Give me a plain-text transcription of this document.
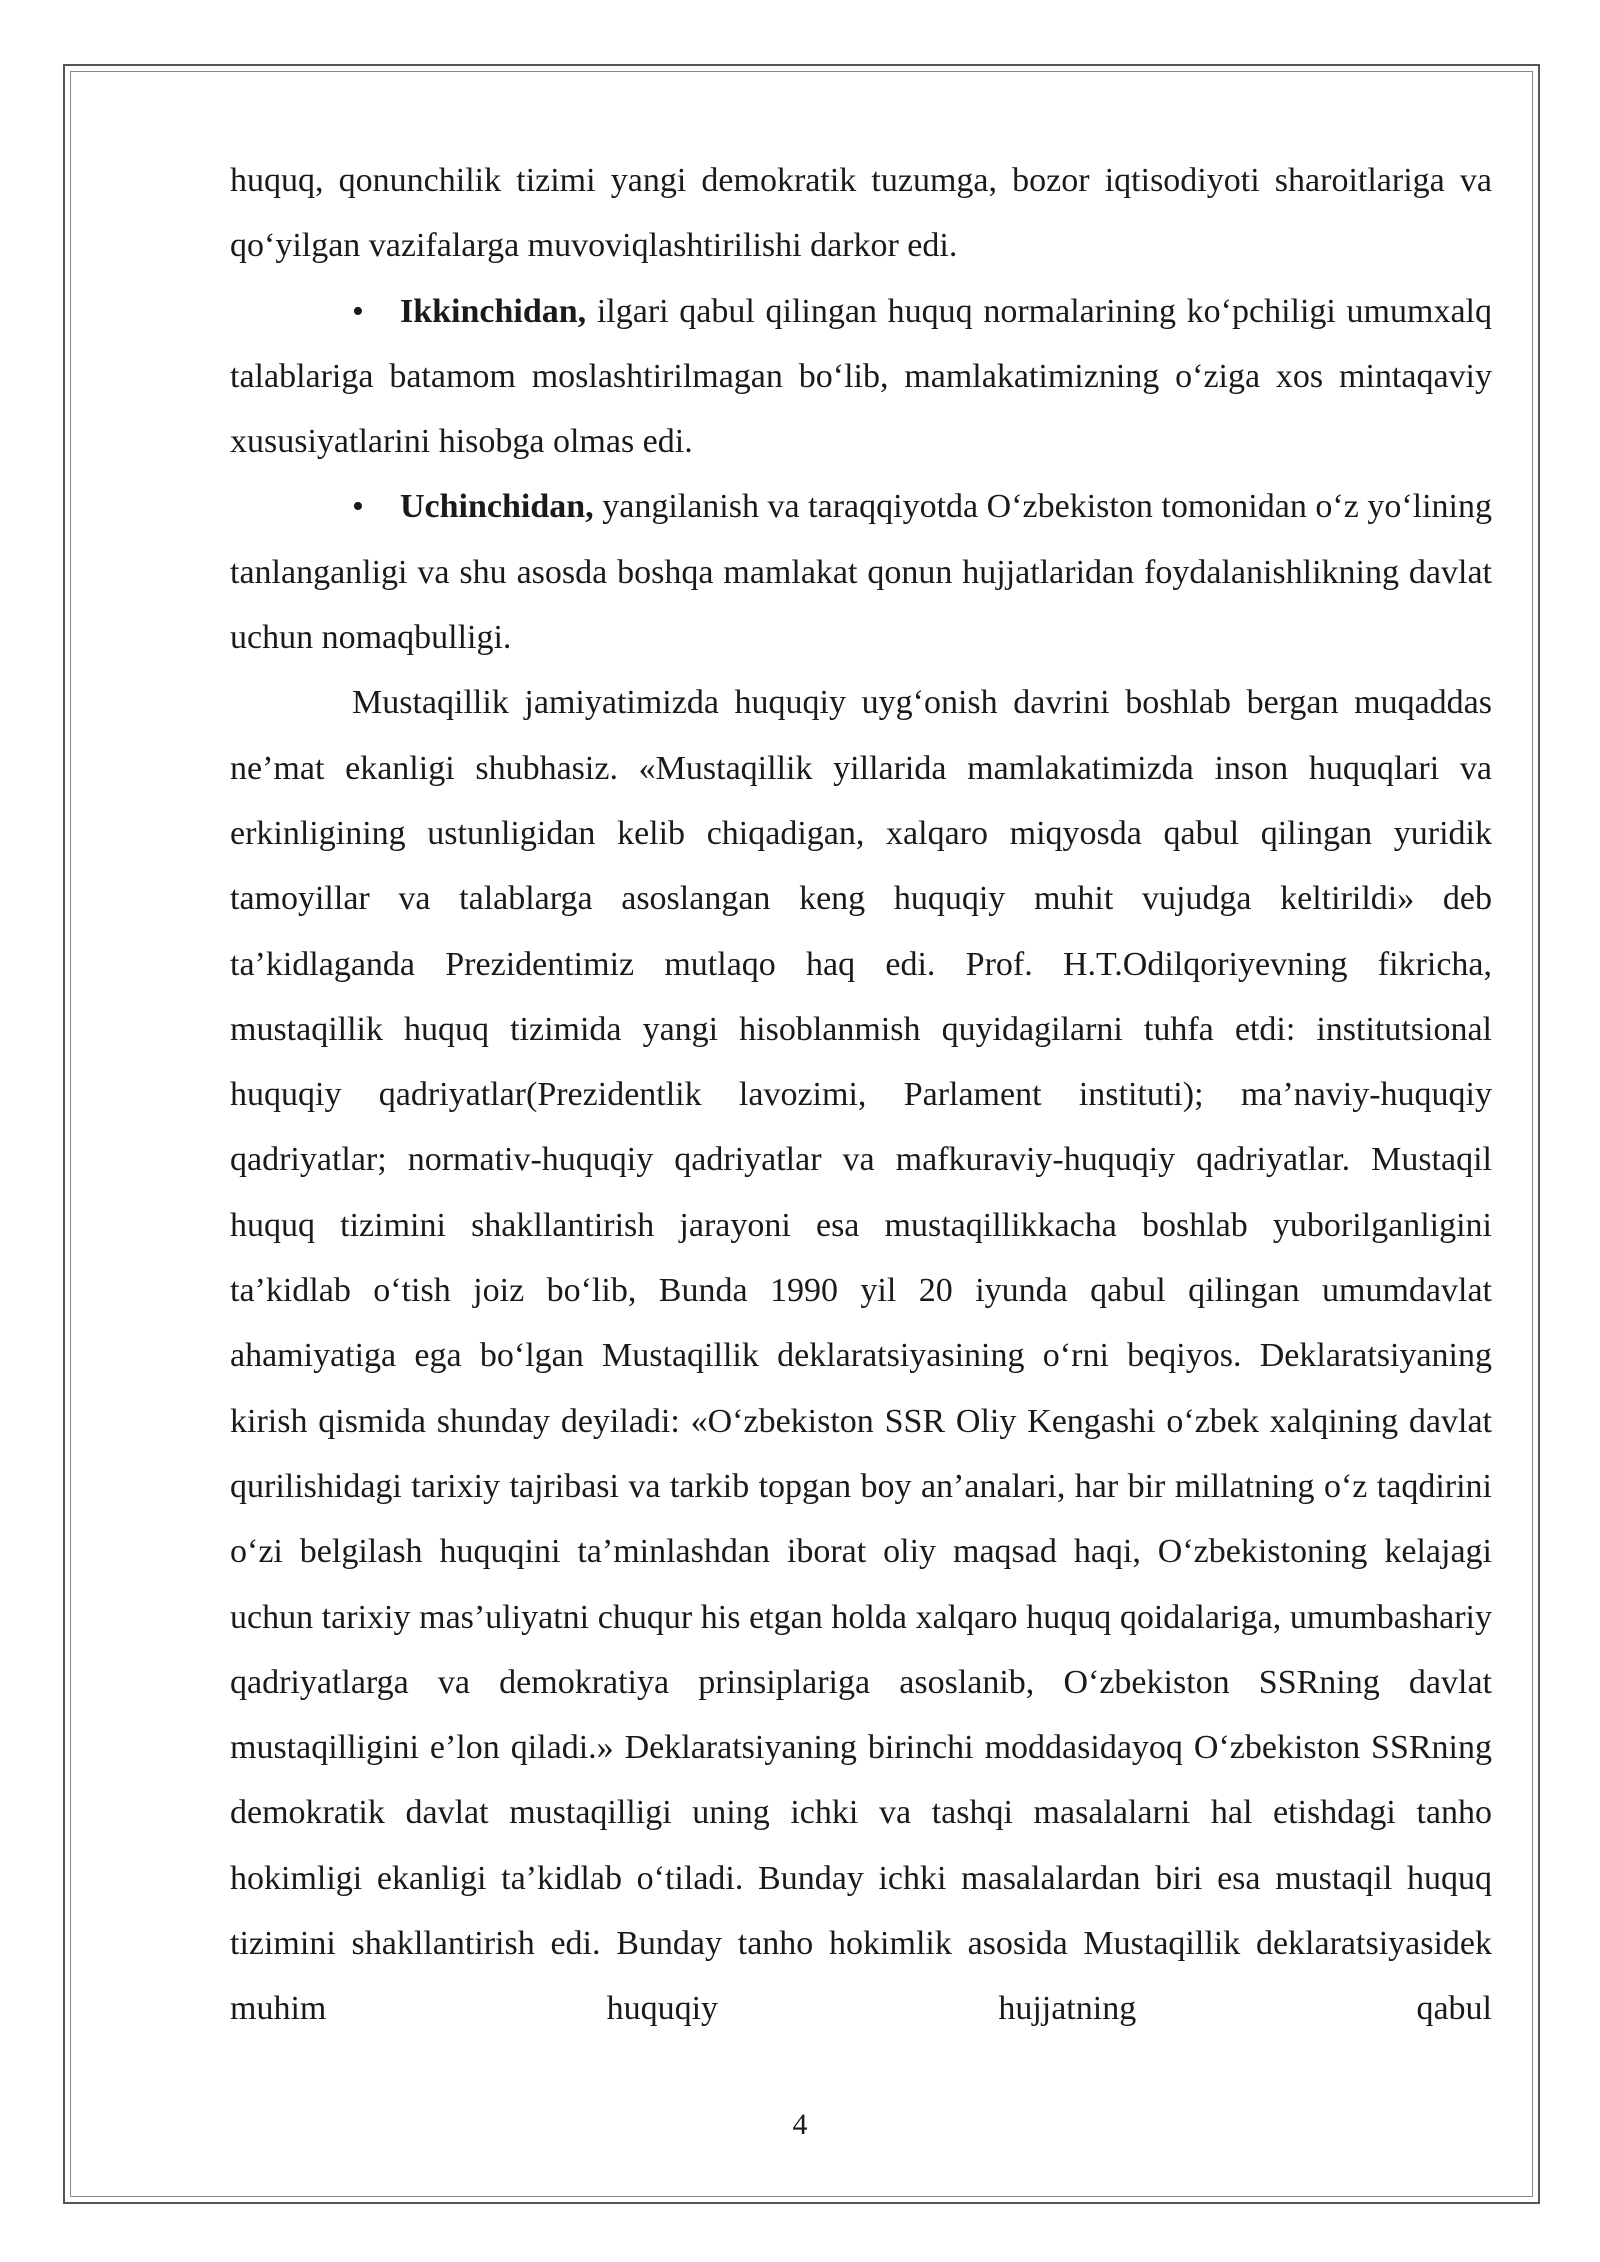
huquq, qonunchilik tizimi yangi demokratik tuzumga, bozor iqtisodiyoti sharoitlariga va qo‘yilgan vazifalarga muvoviqlashtirilishi darkor edi.

• Ikkinchidan, ilgari qabul qilingan huquq normalarining ko‘pchiligi umumxalq talablariga batamom moslashtirilmagan bo‘lib, mamlakatimizning o‘ziga xos mintaqaviy xususiyatlarini hisobga olmas edi.

• Uchinchidan, yangilanish va taraqqiyotda O‘zbekiston tomonidan o‘z yo‘lining tanlanganligi va shu asosda boshqa mamlakat qonun hujjatlaridan foydalanishlikning davlat uchun nomaqbulligi.

Mustaqillik jamiyatimizda huquqiy uyg‘onish davrini boshlab bergan muqaddas ne’mat ekanligi shubhasiz. «Mustaqillik yillarida mamlakatimizda inson huquqlari va erkinligining ustunligidan kelib chiqadigan, xalqaro miqyosda qabul qilingan yuridik tamoyillar va talablarga asoslangan keng huquqiy muhit vujudga keltirildi» deb ta’kidlaganda Prezidentimiz mutlaqo haq edi. Prof. H.T.Odilqoriyevning fikricha, mustaqillik huquq tizimida yangi hisoblanmish quyidagilarni tuhfa etdi: institutsional huquqiy qadriyatlar(Prezidentlik lavozimi, Parlament instituti); ma’naviy-huquqiy qadriyatlar; normativ-huquqiy qadriyatlar va mafkuraviy-huquqiy qadriyatlar. Mustaqil huquq tizimini shakllantirish jarayoni esa mustaqillikkacha boshlab yuborilganligini ta’kidlab o‘tish joiz bo‘lib, Bunda 1990 yil 20 iyunda qabul qilingan umumdavlat ahamiyatiga ega bo‘lgan Mustaqillik deklaratsiyasining o‘rni beqiyos. Deklaratsiyaning kirish qismida shunday deyiladi: «O‘zbekiston SSR Oliy Kengashi o‘zbek xalqining davlat qurilishidagi tarixiy tajribasi va tarkib topgan boy an’analari, har bir millatning o‘z taqdirini o‘zi belgilash huquqini ta’minlashdan iborat oliy maqsad haqi, O‘zbekistoning kelajagi uchun tarixiy mas’uliyatni chuqur his etgan holda xalqaro huquq qoidalariga, umumbashariy qadriyatlarga va demokratiya prinsiplariga asoslanib, O‘zbekiston SSRning davlat mustaqilligini e’lon qiladi.» Deklaratsiyaning birinchi moddasidayoq O‘zbekiston SSRning demokratik davlat mustaqilligi uning ichki va tashqi masalalarni hal etishdagi tanho hokimligi ekanligi ta’kidlab o‘tiladi. Bunday ichki masalalardan biri esa mustaqil huquq tizimini shakllantirish edi. Bunday tanho hokimlik asosida Mustaqillik deklaratsiyasidek muhim huquqiy hujjatning qabul

4
